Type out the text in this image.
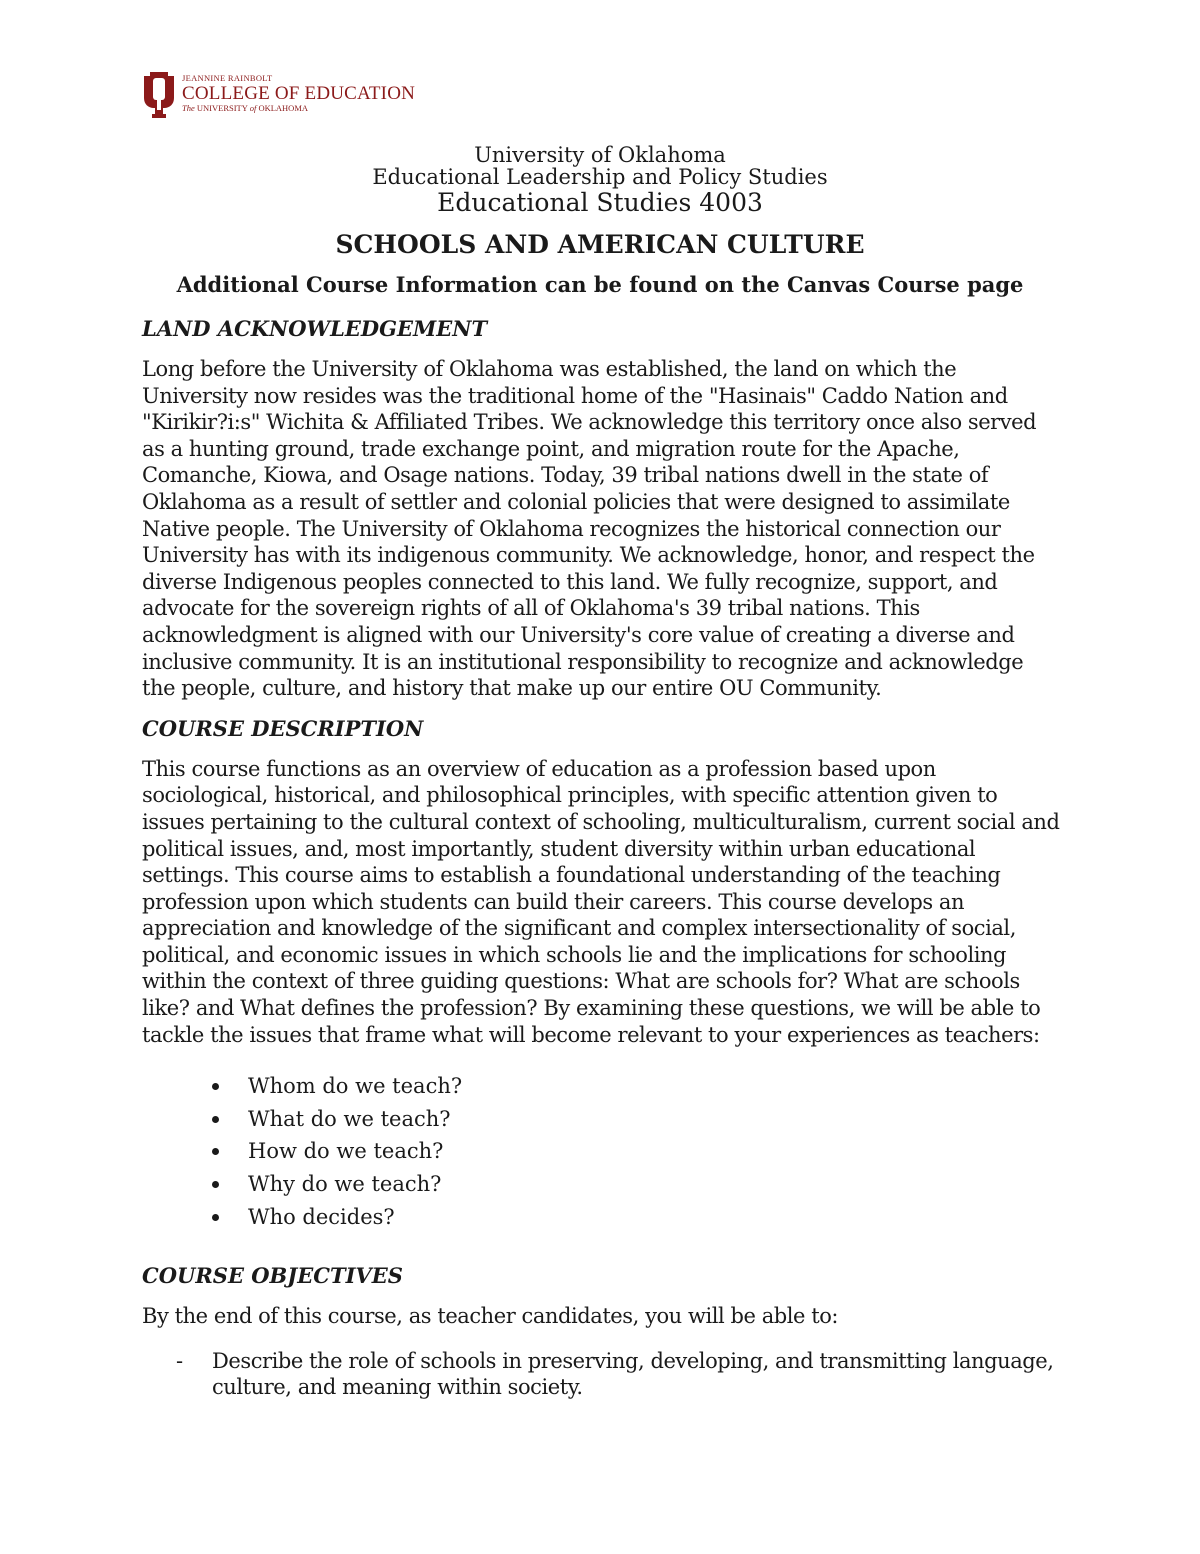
JEANNINE RAINBOLT
COLLEGE OF EDUCATION
The UNIVERSITY of OKLAHOMA
University of Oklahoma
Educational Leadership and Policy Studies
Educational Studies 4003
SCHOOLS AND AMERICAN CULTURE
Additional Course Information can be found on the Canvas Course page
LAND ACKNOWLEDGEMENT

Long before the University of Oklahoma was established, the land on which the University now resides was the traditional home of the "Hasinais" Caddo Nation and "Kirikir?i:s" Wichita & Affiliated Tribes. We acknowledge this territory once also served as a hunting ground, trade exchange point, and migration route for the Apache, Comanche, Kiowa, and Osage nations. Today, 39 tribal nations dwell in the state of Oklahoma as a result of settler and colonial policies that were designed to assimilate Native people. The University of Oklahoma recognizes the historical connection our University has with its indigenous community. We acknowledge, honor, and respect the diverse Indigenous peoples connected to this land. We fully recognize, support, and advocate for the sovereign rights of all of Oklahoma's 39 tribal nations. This acknowledgment is aligned with our University's core value of creating a diverse and inclusive community. It is an institutional responsibility to recognize and acknowledge the people, culture, and history that make up our entire OU Community.

COURSE DESCRIPTION

This course functions as an overview of education as a profession based upon sociological, historical, and philosophical principles, with specific attention given to issues pertaining to the cultural context of schooling, multiculturalism, current social and political issues, and, most importantly, student diversity within urban educational settings. This course aims to establish a foundational understanding of the teaching profession upon which students can build their careers. This course develops an appreciation and knowledge of the significant and complex intersectionality of social, political, and economic issues in which schools lie and the implications for schooling within the context of three guiding questions: What are schools for? What are schools like? and What defines the profession? By examining these questions, we will be able to tackle the issues that frame what will become relevant to your experiences as teachers:

Whom do we teach?
What do we teach?
How do we teach?
Why do we teach?
Who decides?
COURSE OBJECTIVES

By the end of this course, as teacher candidates, you will be able to:

- Describe the role of schools in preserving, developing, and transmitting language, culture, and meaning within society.
